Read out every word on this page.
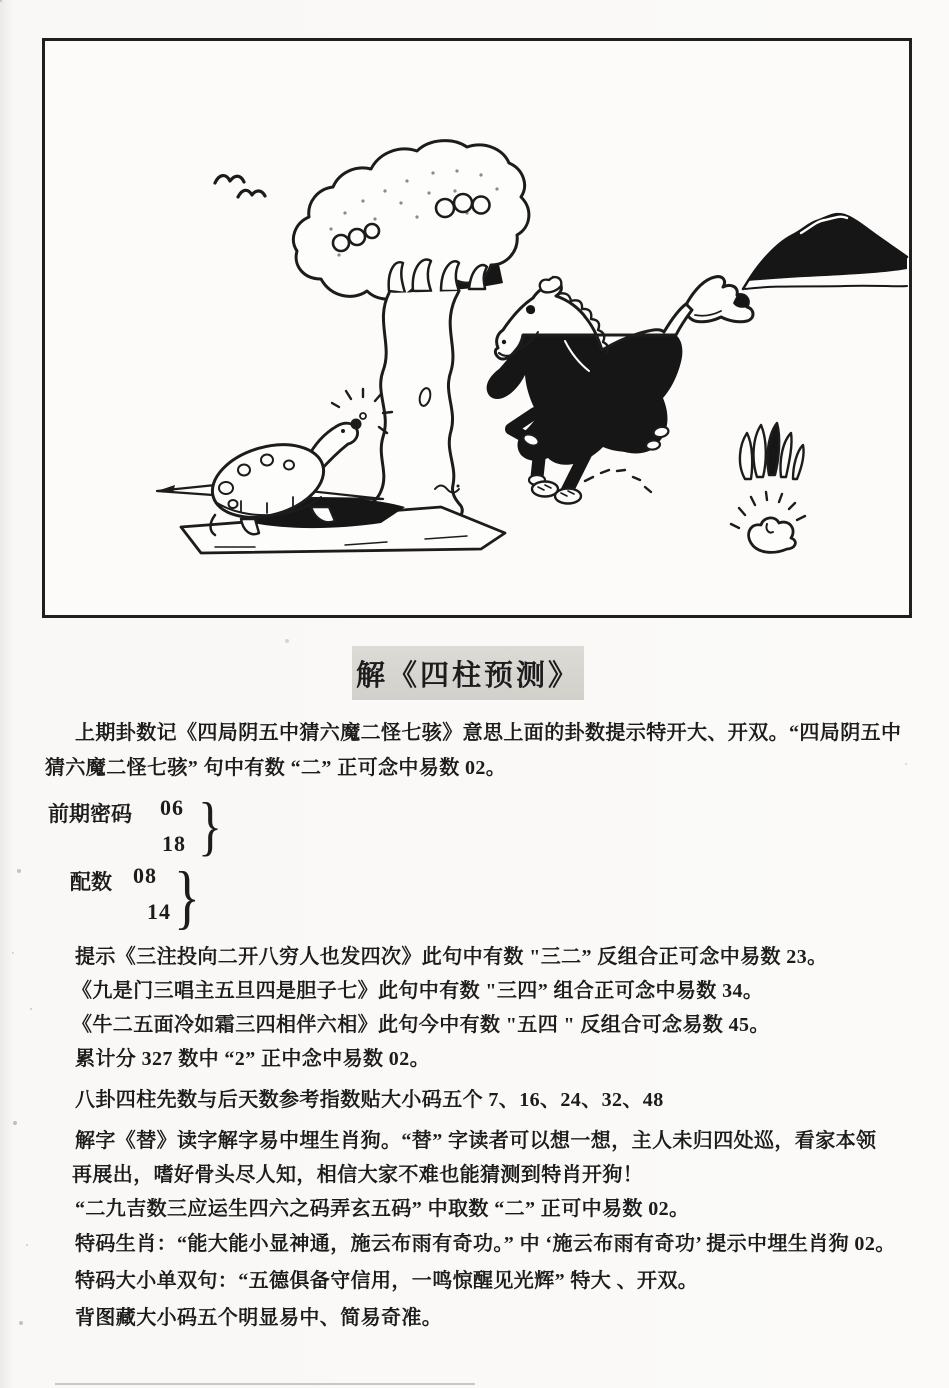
解《四柱预测》
上期卦数记《四局阴五中猜六魔二怪七骇》意思上面的卦数提示特开大、开双。“四局阴五中
猜六魔二怪七骇” 句中有数 “二” 正可念中易数 02。
前期密码 06
18 }
配数 08
14 }
提示《三注投向二开八穷人也发四次》此句中有数 "三二” 反组合正可念中易数 23。
《九是门三唱主五旦四是胆子七》此句中有数 "三四” 组合正可念中易数 34。
《牛二五面冷如霜三四相伴六相》此句今中有数 "五四 " 反组合可念易数 45。
累计分 327 数中 “2” 正中念中易数 02。
八卦四柱先数与后天数参考指数贴大小码五个 7、16、24、32、48
解字《替》读字解字易中埋生肖狗。“替” 字读者可以想一想，主人未归四处巡，看家本领
再展出，嗜好骨头尽人知，相信大家不难也能猜测到特肖开狗！
“二九吉数三应运生四六之码弄玄五码” 中取数 “二” 正可中易数 02。
特码生肖：“能大能小显神通，施云布雨有奇功。” 中 ‘施云布雨有奇功’ 提示中埋生肖狗 02。
特码大小单双句：“五德俱备守信用，一鸣惊醒见光辉” 特大 、开双。
背图藏大小码五个明显易中、简易奇准。
